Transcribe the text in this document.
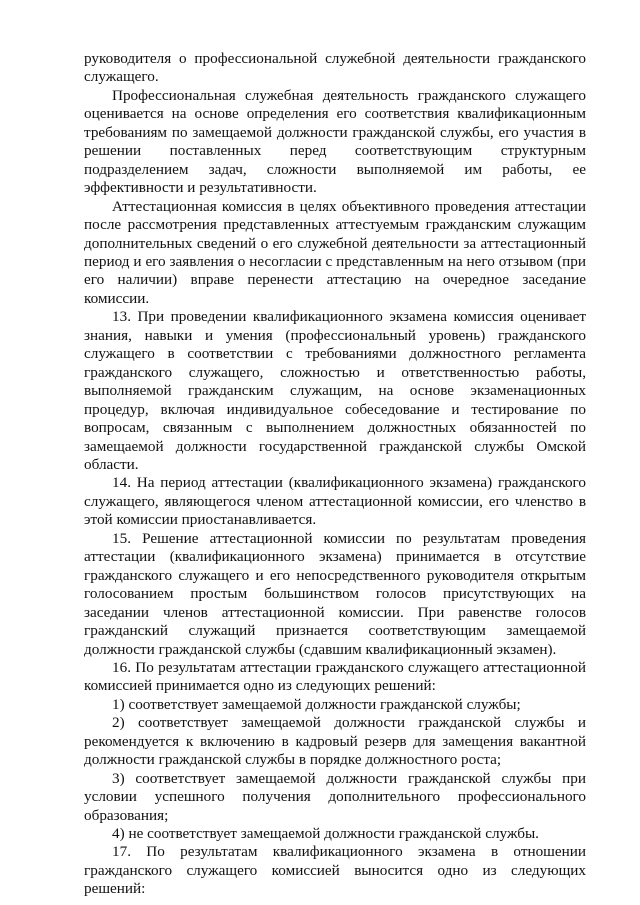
руководителя о профессиональной служебной деятельности гражданского служащего.

Профессиональная служебная деятельность гражданского служащего оценивается на основе определения его соответствия квалификационным требованиям по замещаемой должности гражданской службы, его участия в решении поставленных перед соответствующим структурным подразделением задач, сложности выполняемой им работы, ее эффективности и результативности.

Аттестационная комиссия в целях объективного проведения аттестации после рассмотрения представленных аттестуемым гражданским служащим дополнительных сведений о его служебной деятельности за аттестационный период и его заявления о несогласии с представленным на него отзывом (при его наличии) вправе перенести аттестацию на очередное заседание комиссии.

13. При проведении квалификационного экзамена комиссия оценивает знания, навыки и умения (профессиональный уровень) гражданского служащего в соответствии с требованиями должностного регламента гражданского служащего, сложностью и ответственностью работы, выполняемой гражданским служащим, на основе экзаменационных процедур, включая индивидуальное собеседование и тестирование по вопросам, связанным с выполнением должностных обязанностей по замещаемой должности государственной гражданской службы Омской области.

14. На период аттестации (квалификационного экзамена) гражданского служащего, являющегося членом аттестационной комиссии, его членство в этой комиссии приостанавливается.

15. Решение аттестационной комиссии по результатам проведения аттестации (квалификационного экзамена) принимается в отсутствие гражданского служащего и его непосредственного руководителя открытым голосованием простым большинством голосов присутствующих на заседании членов аттестационной комиссии. При равенстве голосов гражданский служащий признается соответствующим замещаемой должности гражданской службы (сдавшим квалификационный экзамен).

16. По результатам аттестации гражданского служащего аттестационной комиссией принимается одно из следующих решений:

1) соответствует замещаемой должности гражданской службы;

2) соответствует замещаемой должности гражданской службы и рекомендуется к включению в кадровый резерв для замещения вакантной должности гражданской службы в порядке должностного роста;

3) соответствует замещаемой должности гражданской службы при условии успешного получения дополнительного профессионального образования;

4) не соответствует замещаемой должности гражданской службы.

17. По результатам квалификационного экзамена в отношении гражданского служащего комиссией выносится одно из следующих решений:
